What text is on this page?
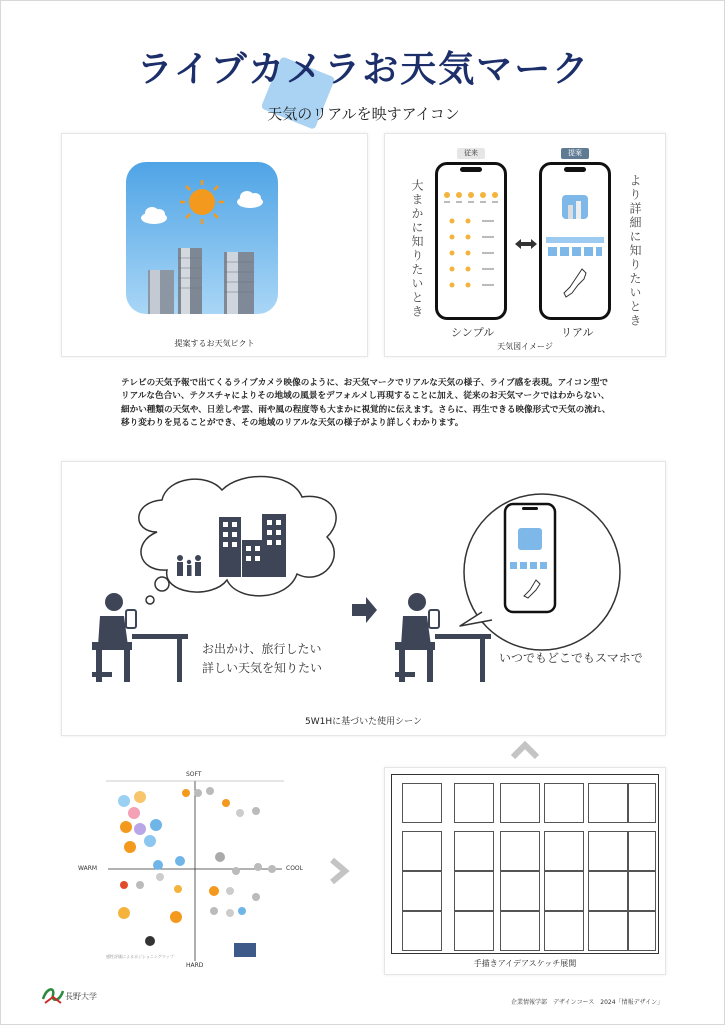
ライブカメラお天気マーク
天気のリアルを映すアイコン
提案するお天気ピクト
大まかに知りたいとき
従来	提案
より詳細に知りたいとき
シンプル	リアル
天気図イメージ
テレビの天気予報で出てくるライブカメラ映像のように、お天気マークでリアルな天気の様子、ライブ感を表現。アイコン型でリアルな色合い、テクスチャによりその地域の風景をデフォルメし再現することに加え、従来のお天気マークではわからない、細かい種類の天気や、日差しや雲、雨や風の程度等も大まかに視覚的に伝えます。さらに、再生できる映像形式で天気の流れ、移り変わりを見ることができ、その地域のリアルな天気の様子がより詳しくわかります。
お出かけ、旅行したい
詳しい天気を知りたい
いつでもどこでもスマホで
5W1Hに基づいた使用シーン
SOFT
HARD
WARM	COOL
感性評価によるポジショニングマップ
手描きアイデアスケッチ展開
長野大学
企業情報学部　デザインコース　2024「情報デザイン」
